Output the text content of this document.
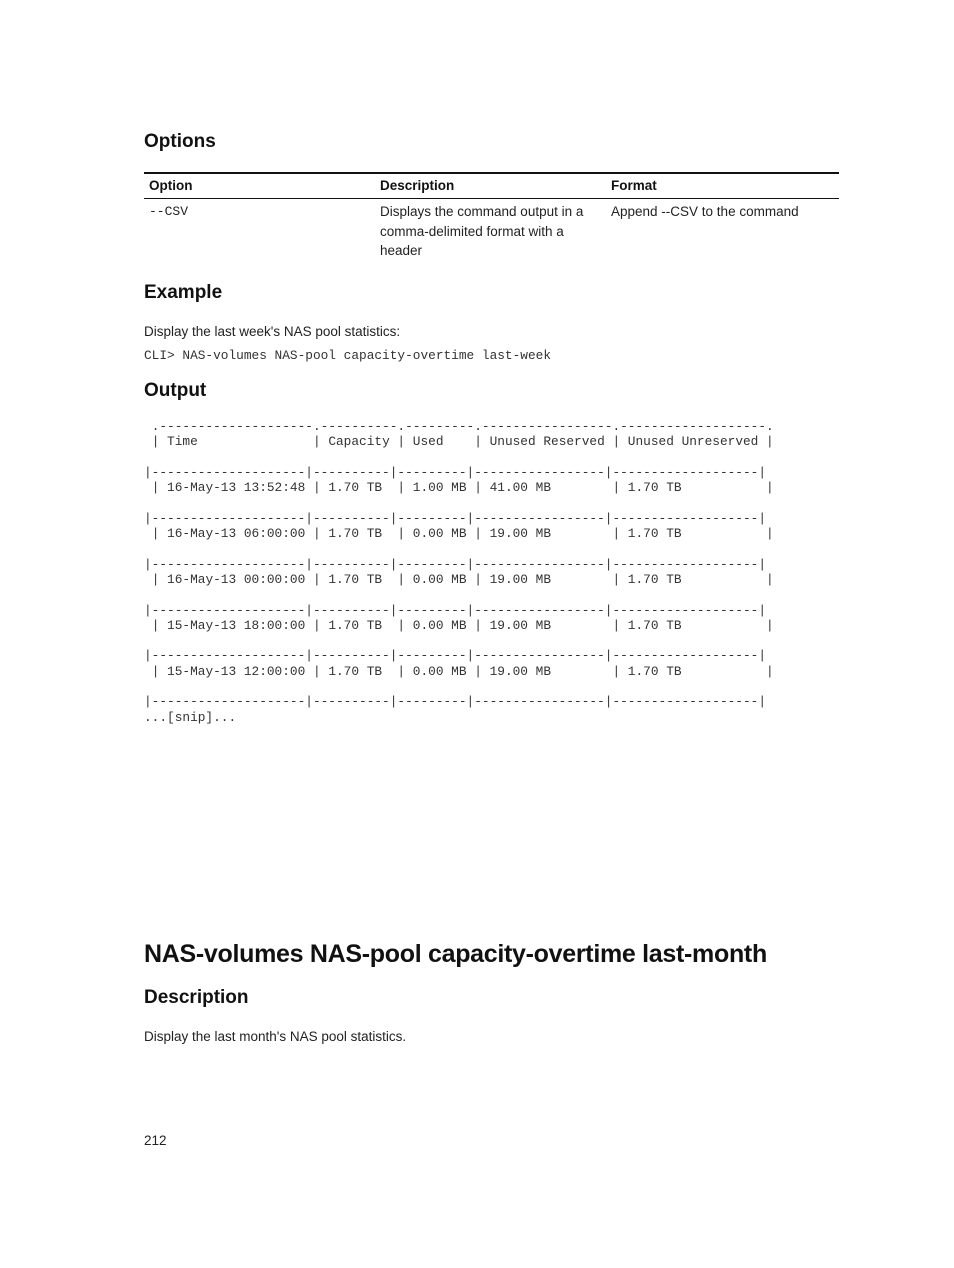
Options
Option	Description	Format
--CSV	Displays the command output in a comma-delimited format with a header	Append --CSV to the command
Example
Display the last week's NAS pool statistics:
CLI> NAS-volumes NAS-pool capacity-overtime last-week
Output
.--------------------.----------.---------.-----------------.-------------------.
| Time               | Capacity | Used    | Unused Reserved | Unused Unreserved |

|--------------------|----------|---------|-----------------|-------------------|
| 16-May-13 13:52:48 | 1.70 TB  | 1.00 MB | 41.00 MB        | 1.70 TB           |

|--------------------|----------|---------|-----------------|-------------------|
| 16-May-13 06:00:00 | 1.70 TB  | 0.00 MB | 19.00 MB        | 1.70 TB           |

|--------------------|----------|---------|-----------------|-------------------|
| 16-May-13 00:00:00 | 1.70 TB  | 0.00 MB | 19.00 MB        | 1.70 TB           |

|--------------------|----------|---------|-----------------|-------------------|
| 15-May-13 18:00:00 | 1.70 TB  | 0.00 MB | 19.00 MB        | 1.70 TB           |

|--------------------|----------|---------|-----------------|-------------------|
| 15-May-13 12:00:00 | 1.70 TB  | 0.00 MB | 19.00 MB        | 1.70 TB           |

|--------------------|----------|---------|-----------------|-------------------|
...[snip]...
NAS-volumes NAS-pool capacity-overtime last-month
Description
Display the last month's NAS pool statistics.
212
